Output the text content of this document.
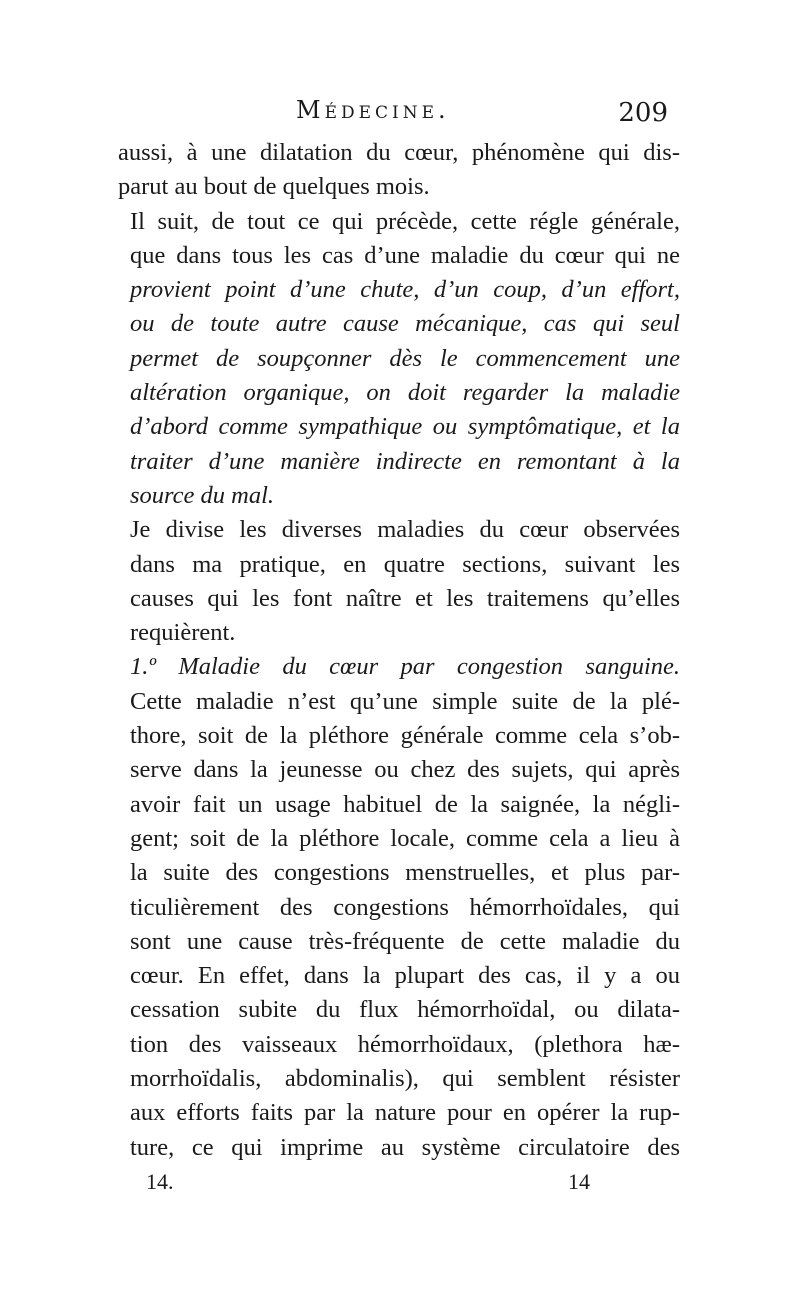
Médecine.	209

aussi, à une dilatation du cœur, phénomène qui dis-
parut au bout de quelques mois.

Il suit, de tout ce qui précède, cette régle générale,
que dans tous les cas d’une maladie du cœur qui ne
provient point d’une chute, d’un coup, d’un effort,
ou de toute autre cause mécanique, cas qui seul
permet de soupçonner dès le commencement une
altération organique, on doit regarder la maladie
d’abord comme sympathique ou symptômatique, et la
traiter d’une manière indirecte en remontant à la
source du mal.

Je divise les diverses maladies du cœur observées
dans ma pratique, en quatre sections, suivant les
causes qui les font naître et les traitemens qu’elles
requièrent.

1.º Maladie du cœur par congestion sanguine.
Cette maladie n’est qu’une simple suite de la plé-
thore, soit de la pléthore générale comme cela s’ob-
serve dans la jeunesse ou chez des sujets, qui après
avoir fait un usage habituel de la saignée, la négli-
gent; soit de la pléthore locale, comme cela a lieu à
la suite des congestions menstruelles, et plus par-
ticulièrement des congestions hémorrhoïdales, qui
sont une cause très-fréquente de cette maladie du
cœur. En effet, dans la plupart des cas, il y a ou
cessation subite du flux hémorrhoïdal, ou dilata-
tion des vaisseaux hémorrhoïdaux, (plethora hæ-
morrhoïdalis, abdominalis), qui semblent résister
aux efforts faits par la nature pour en opérer la rup-
ture, ce qui imprime au système circulatoire des

14.	14
